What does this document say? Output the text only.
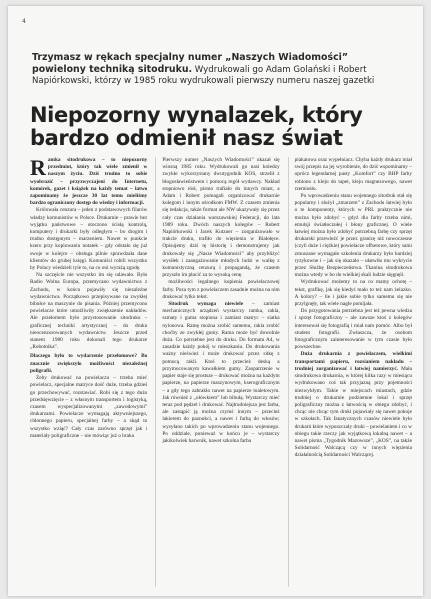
4
Trzymasz w rękach specjalny numer „Naszych Wiadomości” powielony techniką sitodruku. Wydrukowali go Adam Golański i Robert Napiórkowski, którzy w 1985 roku wydrukowali pierwszy numeru naszej gazetki
Niepozorny wynalazek, który bardzo odmienił nasz świat

Ramka sitodrukowa – to niepozorny przedmiot, który tak wiele zmienił w naszym życiu. Dziś trudno to sobie wyobrazić – przyzwyczajeni do Internetu, komórek, gazet i książek na każdy temat – łatwo zapominamy że jeszcze 30 lat temu mieliśmy bardzo ograniczony dostęp do wiedzy i informacji.

Królowała cenzura – jeden z podstawowych filarów władzy komunistów w Polsce. Drukarnie – prawie bez wyjątku państwowe – otoczono ścisłą kontrolą, komputery i drukarki były odległym – bo drogim i trudno dostępnym – marzeniem. Nawet w punkcie ksero przy kopiowaniu notatek – gdy odstało się już swoje w kolejce – obsługa pilnie sprawdzała dane klientów do grubej księgi. Komuniści robili wszystko by Polacy wiedzieli tyle to, na co oni wyrażą zgodę.

Na szczęście nie wszystko im się udawało. Było Radio Wolna Europa, przemycano wydawnictwa z Zachodu, w końcu pojawiły się niezależne wydawnictwa. Początkowo przepisywane na zwykłej bibułce na maszynie do pisania. Później przemycono powielacze które umożliwiły zwiększenie nakładów. Ale przełomem było przystosowanie sitodruku – graficznej techniki artystycznej – do druku nieocenzurowanych wydawnictw. Jeszcze przed stanem 1980 roku dokonali tego drukarze „Robotnika”.

Dlaczego było to wydarzenie przełomowe? Bo znacznie zwiększyło możliwości niezależnej poligrafii.

Żeby drukować na powielaczu – trzeba mieć powielacz, specjalne matryce dość duże, trzeba gdzieś go przechowywać, rozstawiać. Robi się z tego dużo przedsięwzięcie – z własnym transportem i logistyką, czasem wyspecjalizowanymi „zawodowymi” drukarzami. Powielacze wymagają aktywniejszego, chłonnego papieru, specjalnej farby – a skąd to wszystko wziąć? Cały czas zarówno sprzęt jak i materiały poligraficzne – nie mówiąc już o braku

Pierwszy numer „Naszych Wiadomości” ukazał się wiosną 1985 roku. Wydrukowali go nasi koledzy zwykłe wykorzystany dwutygodnik KOS, strzelił z błogosławieństwem i pomocą regół wydawcy. Nakład stopniowo rósł, pismo trafiało do innych miast, a Adam i Robert pomagali organizować drukarnie kolegom i innym ośrodkom FMW. Z czasem zmienia się redakcja, także format ale NW ukazywały się przez cały czas działania warszawskiej Federacji, do lata 1989 roku. Dwóch naszych kolegów – Robert Napiórkowski i Jacek Kutzner – zorganizowało w trakcie druku, trafiło do więzienia w Białołęce. Opisujemy dziś tę historię i demonstrujemy jak drukowały się „Nasze Wiadomości” aby przybliżyć wysiłek i zaangażowanie młodych ludzi w walkę z komunistyczną cenzurą i propagandą, że czasem przyszło im płacić za to wysoką cenę.

możliwości legalnego kupienia powielaczowej farby. Poza tym z powielaczem zasadnie można na nim drukować tylko tekst.

Sitodruk wymaga niewiele – zamiast mechanicznych urządzeń wystarczy ramka, rakla, szmaty i guma stopiona i zamiast matryc – siatka nylonowa. Ramę można zrobić samemu, rakla zrobić choćby ze zwykłej gumy. Rama może być dowolnie duża. Co potrzebne jest do druku. Do formatu A4, w zasadzie każdy pokój w mieszkaniu. Do drukowania ważny nieśwież i może drukować przez sitkę z pomocą rakli. Ktoś to przecież deską a przymocowanym kawałkiem gumy. Zaopatrzenie w papier staje się prostsze – drukować można na każdym papierze, na papierze maszynowym, kserograficznym – a gdy tego zabrakło nawet na papierze toaletowym. Jak również z „ołówkiem” lub bibułą. Wystarczy mieć teraz pod pędzel i drukować. Najtrudniejsza jest farba, ale zastąpić ją można czymś innym – przecież lakierem do paznokci, a nawet i farbą do włosów; wysyłano takich po wprowadzeniu stanu wojennego. Po oddziale, ponieważ w końcu je – wystarczy jakikolwiek barwnik, nawet szkolna farba

plakatowa oraz wypełniacz. Chyba każdy drukarz miał swój przepis na jej wyrobienie, do dziś wspominamy – oprócz legendarnej pasty „Komfort” czy BHP farby robiono z kleju do tapet, kleju magnezowego, nawet rzemiosło.

Po wprowadzeniu stanu wojennego sitodruk stał się popularny i służył „zmarzem” z Zachodu łatwiej było o te komponenty, których w PRL praktycznie nie można było zdobyć – gdyż dla farby trzeba nimi, emulsji światłoczułej i błony graficznej. O wiele łatwiej można było zdobyć potrzebną farbę czy sprzęt drukarski przewieźć je przez granicę niż nowoczesne (czyli duże i ciężkie) powielacze offsetowe, który sami zmuszane wymagało szkolenia drukarzy było bardziej ryzykowne i – jak się okazało – ułatwiło mu wykrycie przez Służbę Bezpieczeństwa. Tkanina sitodrukowa można wtedy w bo do wielkiej skali ludzie sięgnęli.

Wydrukować możemy to na co mamy ochotę – tekst, grafikę, jak się kiedyś mało to też nam żelazko. A kolory? – lie i jakie sobie tylko samemu się nie przylgnęły, tak wiele nagle pomijała.

Do przygotowania potrzebna jest też pewna wiedza i sprzęt fotograficzny – ale zawsze ktoś z kolegów interesował się fotografią i miał nam pomóc. Albo był student fotografii. Zwłaszcza, że osobom fotograficznym zainteresowanie w tym czasie było powszechne.

Duża drukarnia z powielaczem, wielkimi transportami papieru, rozsianiem nakładu – trudniej zorganizować i łatwiej namierzyć. Mała sitodrukowa drukarnia, w której kilka razy w miesiącu wydrukowano coś tak przyjazną przy pojemności niezwykłym. Takie w miejscach miastach, gdzie trudniej o drukarnie podziemne lokal i sprzęt poligraficzny można z łatwością w obiegu zdobyć, i chcąc nie chcąc tym druki pojawiały się nawet pokoje w szkołach. Tak fanatycznych czasów niewiele było drukarń które wypuszczały druki – powielaniem i co w obiegu takie rzeczy jak wyjątkową lokalną nawet – a nawet pisma „Tygodnik Mazowsze”, „KOS”, na także Solidarność Walczącą czy w innych więzienia działalnością Solidarności Walczącej.
